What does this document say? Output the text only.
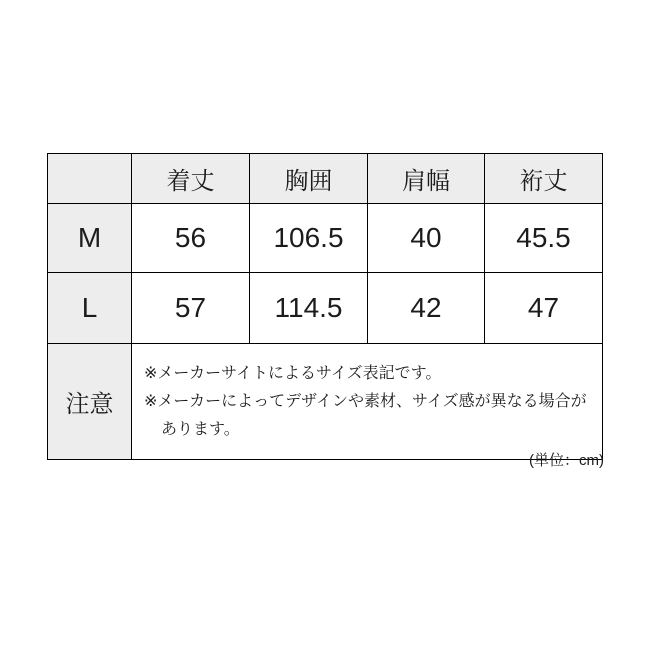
	着丈	胸囲	肩幅	裄丈
M	56	106.5	40	45.5
L	57	114.5	42	47
注意	※メーカーサイトによるサイズ表記です。
※メーカーによってデザインや素材、サイズ感が異なる場合が
あります。			
(単位：cm)
